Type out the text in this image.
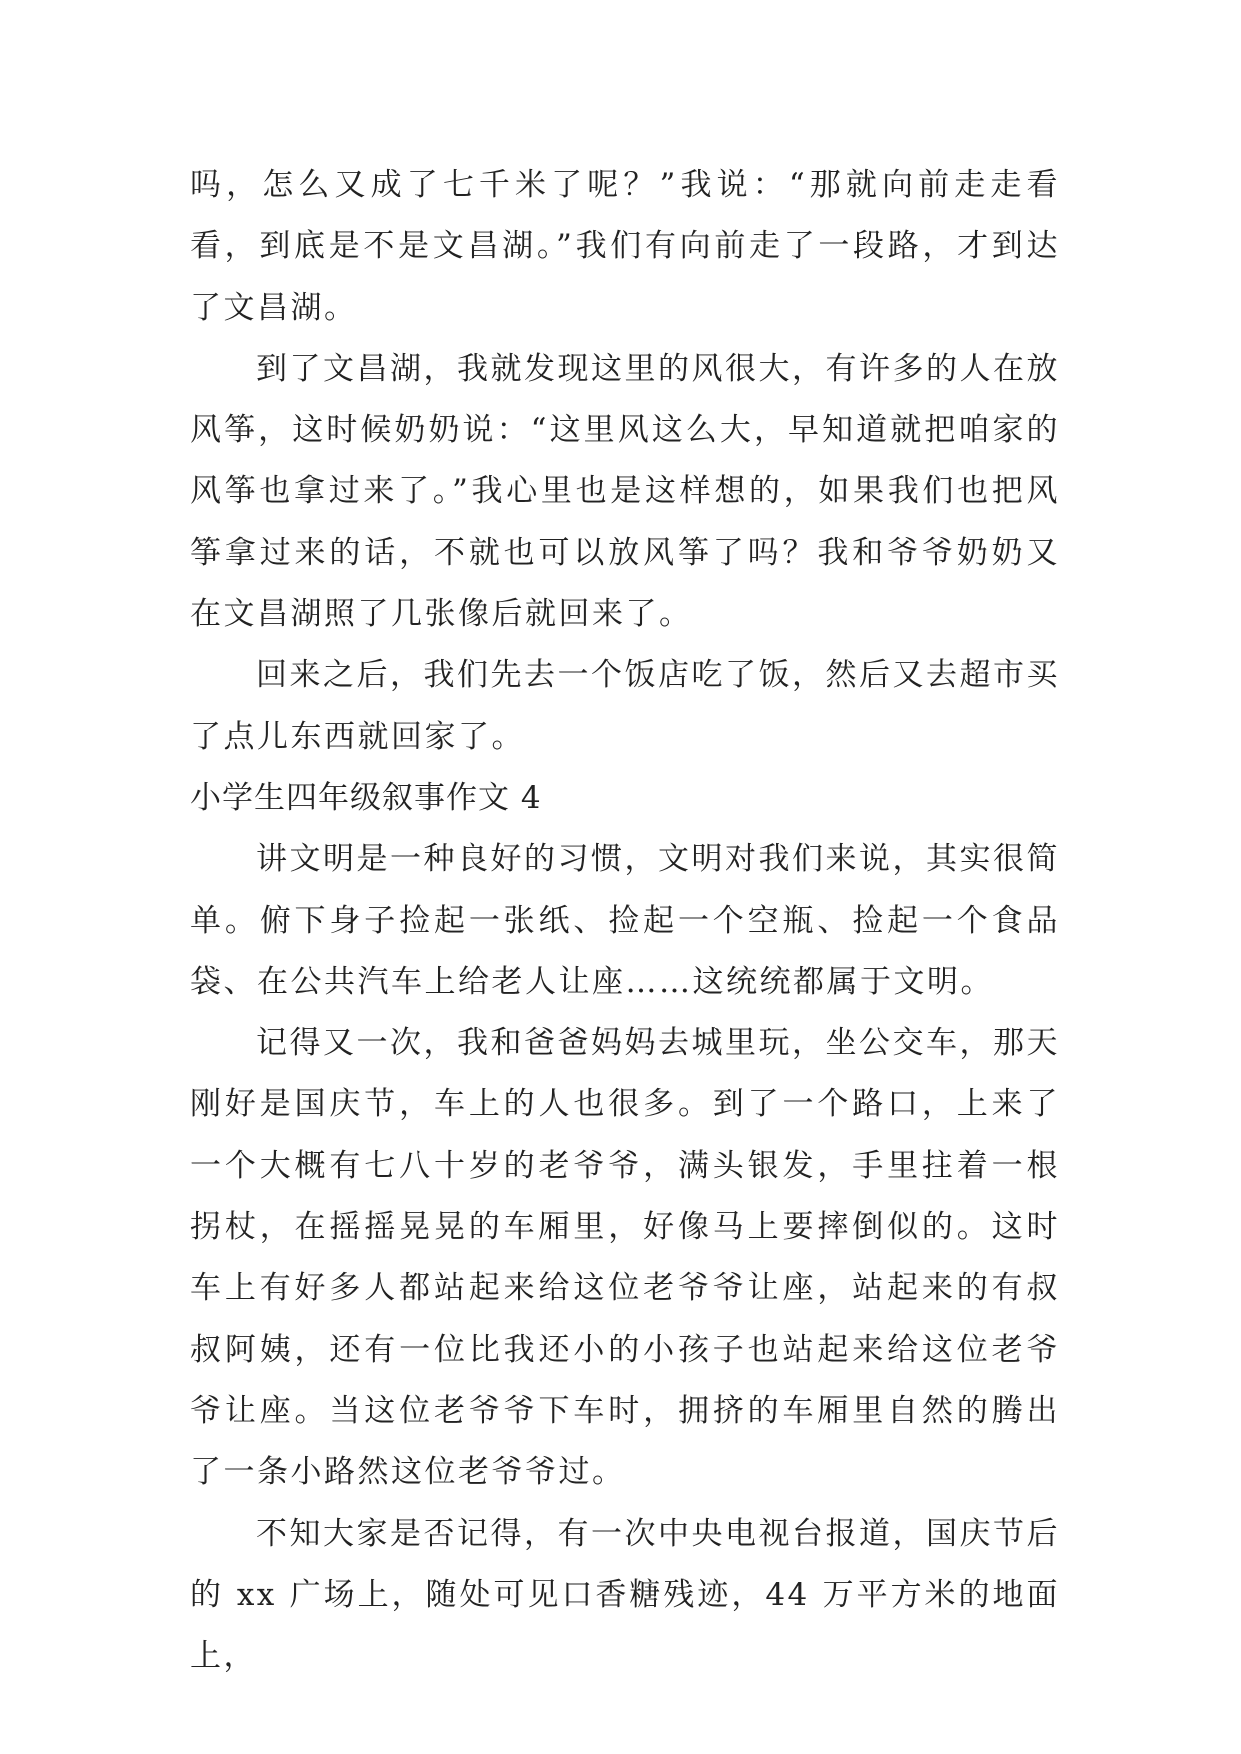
吗，怎么又成了七千米了呢？”我说：“那就向前走走看看，到底是不是文昌湖。”我们有向前走了一段路，才到达了文昌湖。

到了文昌湖，我就发现这里的风很大，有许多的人在放风筝，这时候奶奶说：“这里风这么大，早知道就把咱家的风筝也拿过来了。”我心里也是这样想的，如果我们也把风筝拿过来的话，不就也可以放风筝了吗？我和爷爷奶奶又在文昌湖照了几张像后就回来了。

回来之后，我们先去一个饭店吃了饭，然后又去超市买了点儿东西就回家了。

小学生四年级叙事作文 4

讲文明是一种良好的习惯，文明对我们来说，其实很简单。俯下身子捡起一张纸、捡起一个空瓶、捡起一个食品袋、在公共汽车上给老人让座……这统统都属于文明。

记得又一次，我和爸爸妈妈去城里玩，坐公交车，那天刚好是国庆节，车上的人也很多。到了一个路口，上来了一个大概有七八十岁的老爷爷，满头银发，手里拄着一根拐杖，在摇摇晃晃的车厢里，好像马上要摔倒似的。这时车上有好多人都站起来给这位老爷爷让座，站起来的有叔叔阿姨，还有一位比我还小的小孩子也站起来给这位老爷爷让座。当这位老爷爷下车时，拥挤的车厢里自然的腾出了一条小路然这位老爷爷过。

不知大家是否记得，有一次中央电视台报道，国庆节后的 xx 广场上，随处可见口香糖残迹，44 万平方米的地面上，
